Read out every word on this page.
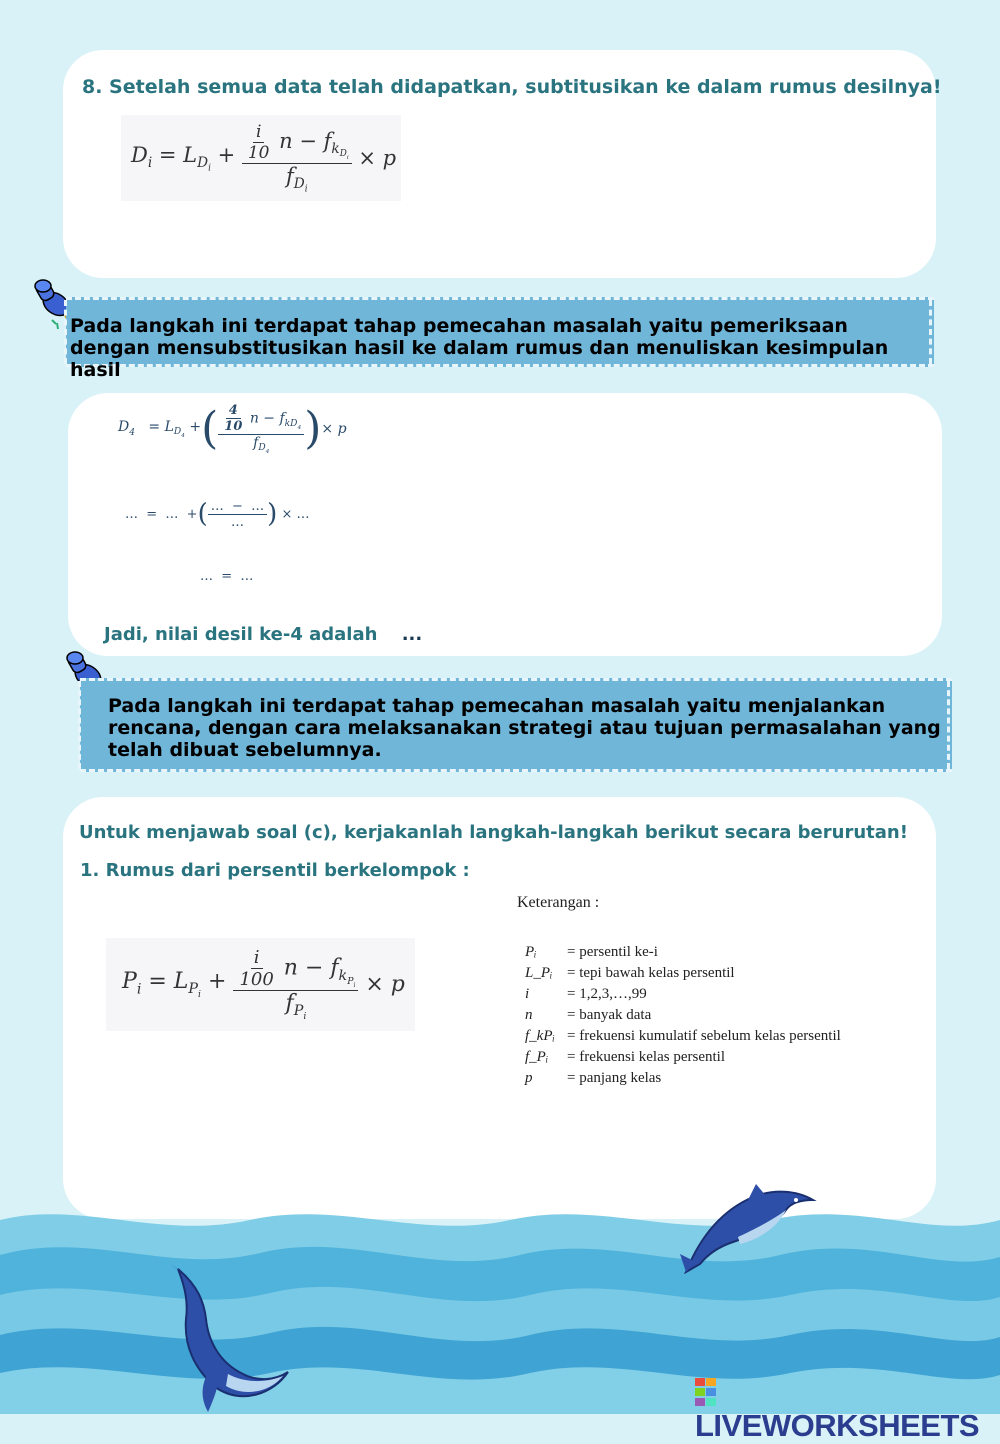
8. Setelah semua data telah didapatkan, subtitusikan ke dalam rumus desilnya!
$D_i = L_{D_i} + \frac{\frac{i}{10} n - f_{k_{D_i}}}{f_{D_i}} \times p$
Pada langkah ini terdapat tahap pemecahan masalah yaitu pemeriksaan dengan mensubstitusikan hasil ke dalam rumus dan menuliskan kesimpulan hasil
$D_4 = L_{D_4}$ + ( $\frac{\frac{4}{10} n - f_{kD_4}}{f_{D_4}}$ ) × p
… = … + ( $\frac{\dots - \dots}{\dots}$ ) × …
…  =  …
Jadi, nilai desil ke-4 adalah ...
Pada langkah ini terdapat tahap pemecahan masalah yaitu menjalankan rencana, dengan cara melaksanakan strategi atau tujuan permasalahan yang telah dibuat sebelumnya.
Untuk menjawab soal (c), kerjakanlah langkah-langkah berikut secara berurutan!
1. Rumus dari persentil berkelompok :
$P_i = L_{P_i} + \frac{\frac{i}{100} n - f_{k_{P_i}}}{f_{P_i}} \times p$
Keterangan :
Pᵢ	= persentil ke-i
L_Pᵢ = tepi bawah kelas persentil
i	= 1,2,3,…,99
n	= banyak data
f_kPᵢ = frekuensi kumulatif sebelum kelas persentil
f_Pᵢ	= frekuensi kelas persentil
p	= panjang kelas
LIVEWORKSHEETS
